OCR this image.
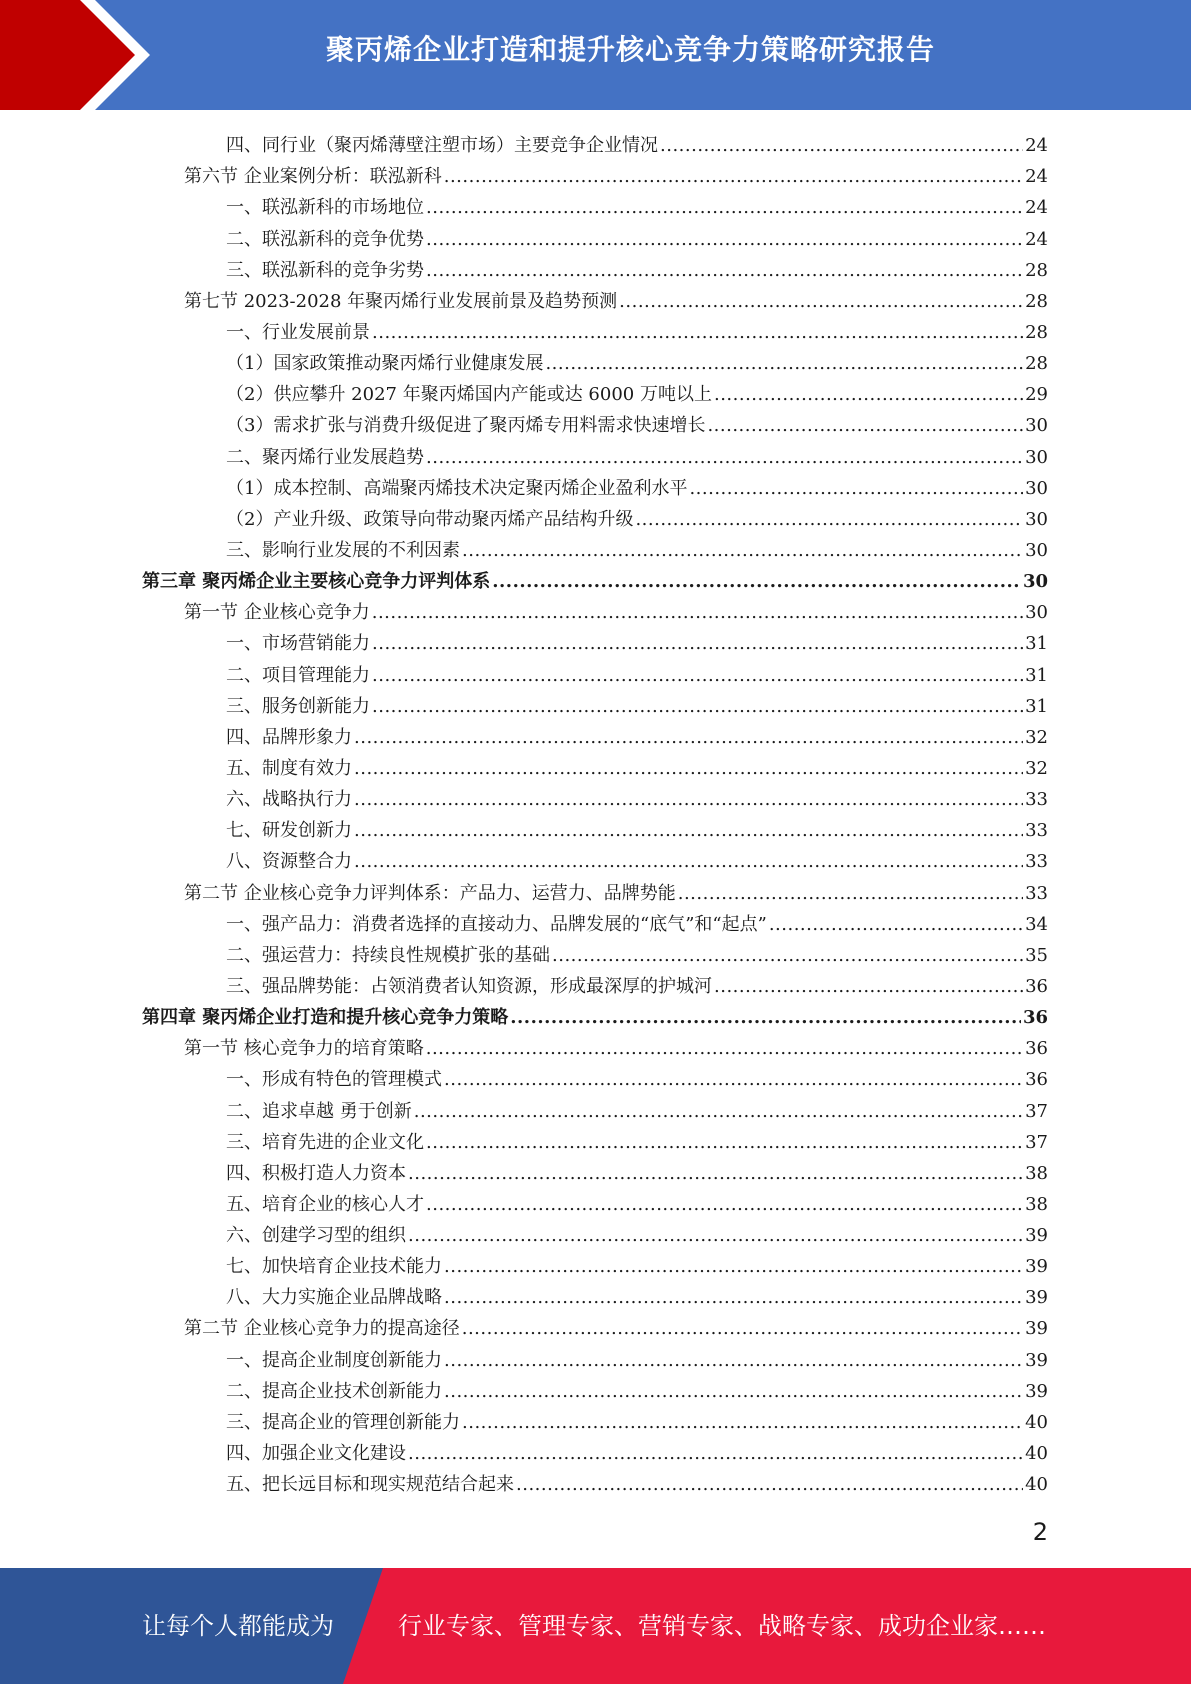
聚丙烯企业打造和提升核心竞争力策略研究报告
四、同行业（聚丙烯薄壁注塑市场）主要竞争企业情况 .....	24
第六节 企业案例分析：联泓新科 .....	24
一、联泓新科的市场地位 .....	24
二、联泓新科的竞争优势 .....	24
三、联泓新科的竞争劣势 .....	28
第七节 2023-2028 年聚丙烯行业发展前景及趋势预测 .....	28
一、行业发展前景 .....	28
（1）国家政策推动聚丙烯行业健康发展 .....	28
（2）供应攀升 2027 年聚丙烯国内产能或达 6000 万吨以上 .....	29
（3）需求扩张与消费升级促进了聚丙烯专用料需求快速增长 .....	30
二、聚丙烯行业发展趋势 .....	30
（1）成本控制、高端聚丙烯技术决定聚丙烯企业盈利水平 .....	30
（2）产业升级、政策导向带动聚丙烯产品结构升级 .....	30
三、影响行业发展的不利因素 .....	30
第三章 聚丙烯企业主要核心竞争力评判体系 .....	30
第一节 企业核心竞争力 .....	30
一、市场营销能力 .....	31
二、项目管理能力 .....	31
三、服务创新能力 .....	31
四、品牌形象力 .....	32
五、制度有效力 .....	32
六、战略执行力 .....	33
七、研发创新力 .....	33
八、资源整合力 .....	33
第二节 企业核心竞争力评判体系：产品力、运营力、品牌势能 .....	33
一、强产品力：消费者选择的直接动力、品牌发展的“底气”和“起点” .....	34
二、强运营力：持续良性规模扩张的基础 .....	35
三、强品牌势能：占领消费者认知资源，形成最深厚的护城河 .....	36
第四章 聚丙烯企业打造和提升核心竞争力策略 .....	36
第一节 核心竞争力的培育策略 .....	36
一、形成有特色的管理模式 .....	36
二、追求卓越 勇于创新 .....	37
三、培育先进的企业文化 .....	37
四、积极打造人力资本 .....	38
五、培育企业的核心人才 .....	38
六、创建学习型的组织 .....	39
七、加快培育企业技术能力 .....	39
八、大力实施企业品牌战略 .....	39
第二节 企业核心竞争力的提高途径 .....	39
一、提高企业制度创新能力 .....	39
二、提高企业技术创新能力 .....	39
三、提高企业的管理创新能力 .....	40
四、加强企业文化建设 .....	40
五、把长远目标和现实规范结合起来 .....	40
2
让每个人都能成为	行业专家、管理专家、营销专家、战略专家、成功企业家……
